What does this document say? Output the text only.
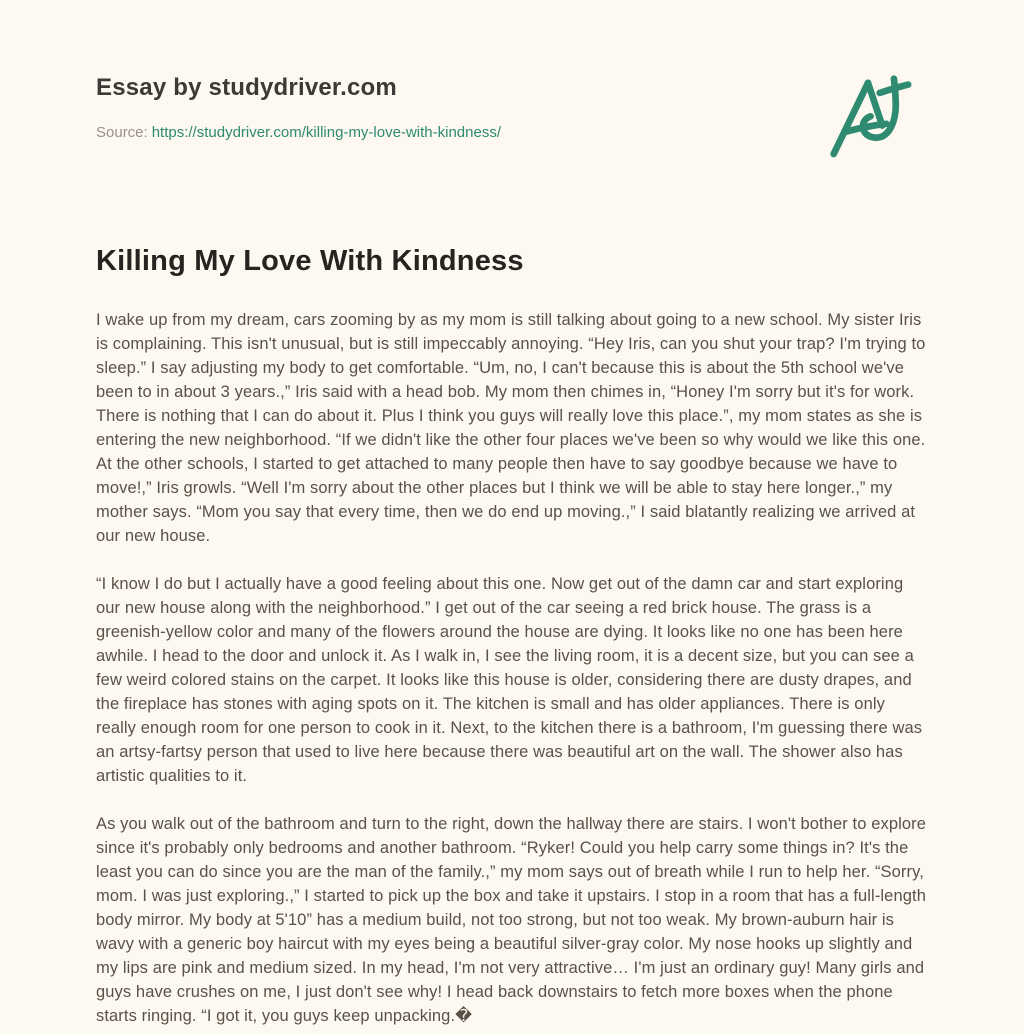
Essay by studydriver.com
Source: https://studydriver.com/killing-my-love-with-kindness/
Killing My Love With Kindness

I wake up from my dream, cars zooming by as my mom is still talking about going to a new school. My sister Iris is complaining. This isn't unusual, but is still impeccably annoying. “Hey Iris, can you shut your trap? I'm trying to sleep.” I say adjusting my body to get comfortable. “Um, no, I can't because this is about the 5th school we've been to in about 3 years.,” Iris said with a head bob. My mom then chimes in, “Honey I'm sorry but it's for work. There is nothing that I can do about it. Plus I think you guys will really love this place.”, my mom states as she is entering the new neighborhood. “If we didn't like the other four places we've been so why would we like this one. At the other schools, I started to get attached to many people then have to say goodbye because we have to move!,” Iris growls. “Well I'm sorry about the other places but I think we will be able to stay here longer.,” my mother says. “Mom you say that every time, then we do end up moving.,” I said blatantly realizing we arrived at our new house.

“I know I do but I actually have a good feeling about this one. Now get out of the damn car and start exploring our new house along with the neighborhood.” I get out of the car seeing a red brick house. The grass is a greenish-yellow color and many of the flowers around the house are dying. It looks like no one has been here awhile. I head to the door and unlock it. As I walk in, I see the living room, it is a decent size, but you can see a few weird colored stains on the carpet. It looks like this house is older, considering there are dusty drapes, and the fireplace has stones with aging spots on it. The kitchen is small and has older appliances. There is only really enough room for one person to cook in it. Next, to the kitchen there is a bathroom, I'm guessing there was an artsy-fartsy person that used to live here because there was beautiful art on the wall. The shower also has artistic qualities to it.

As you walk out of the bathroom and turn to the right, down the hallway there are stairs. I won't bother to explore since it's probably only bedrooms and another bathroom. “Ryker! Could you help carry some things in? It's the least you can do since you are the man of the family.,” my mom says out of breath while I run to help her. “Sorry, mom. I was just exploring.,” I started to pick up the box and take it upstairs. I stop in a room that has a full-length body mirror. My body at 5'10” has a medium build, not too strong, but not too weak. My brown-auburn hair is wavy with a generic boy haircut with my eyes being a beautiful silver-gray color. My nose hooks up slightly and my lips are pink and medium sized. In my head, I'm not very attractive… I'm just an ordinary guy! Many girls and guys have crushes on me, I just don't see why! I head back downstairs to fetch more boxes when the phone starts ringing. “I got it, you guys keep unpacking.�
